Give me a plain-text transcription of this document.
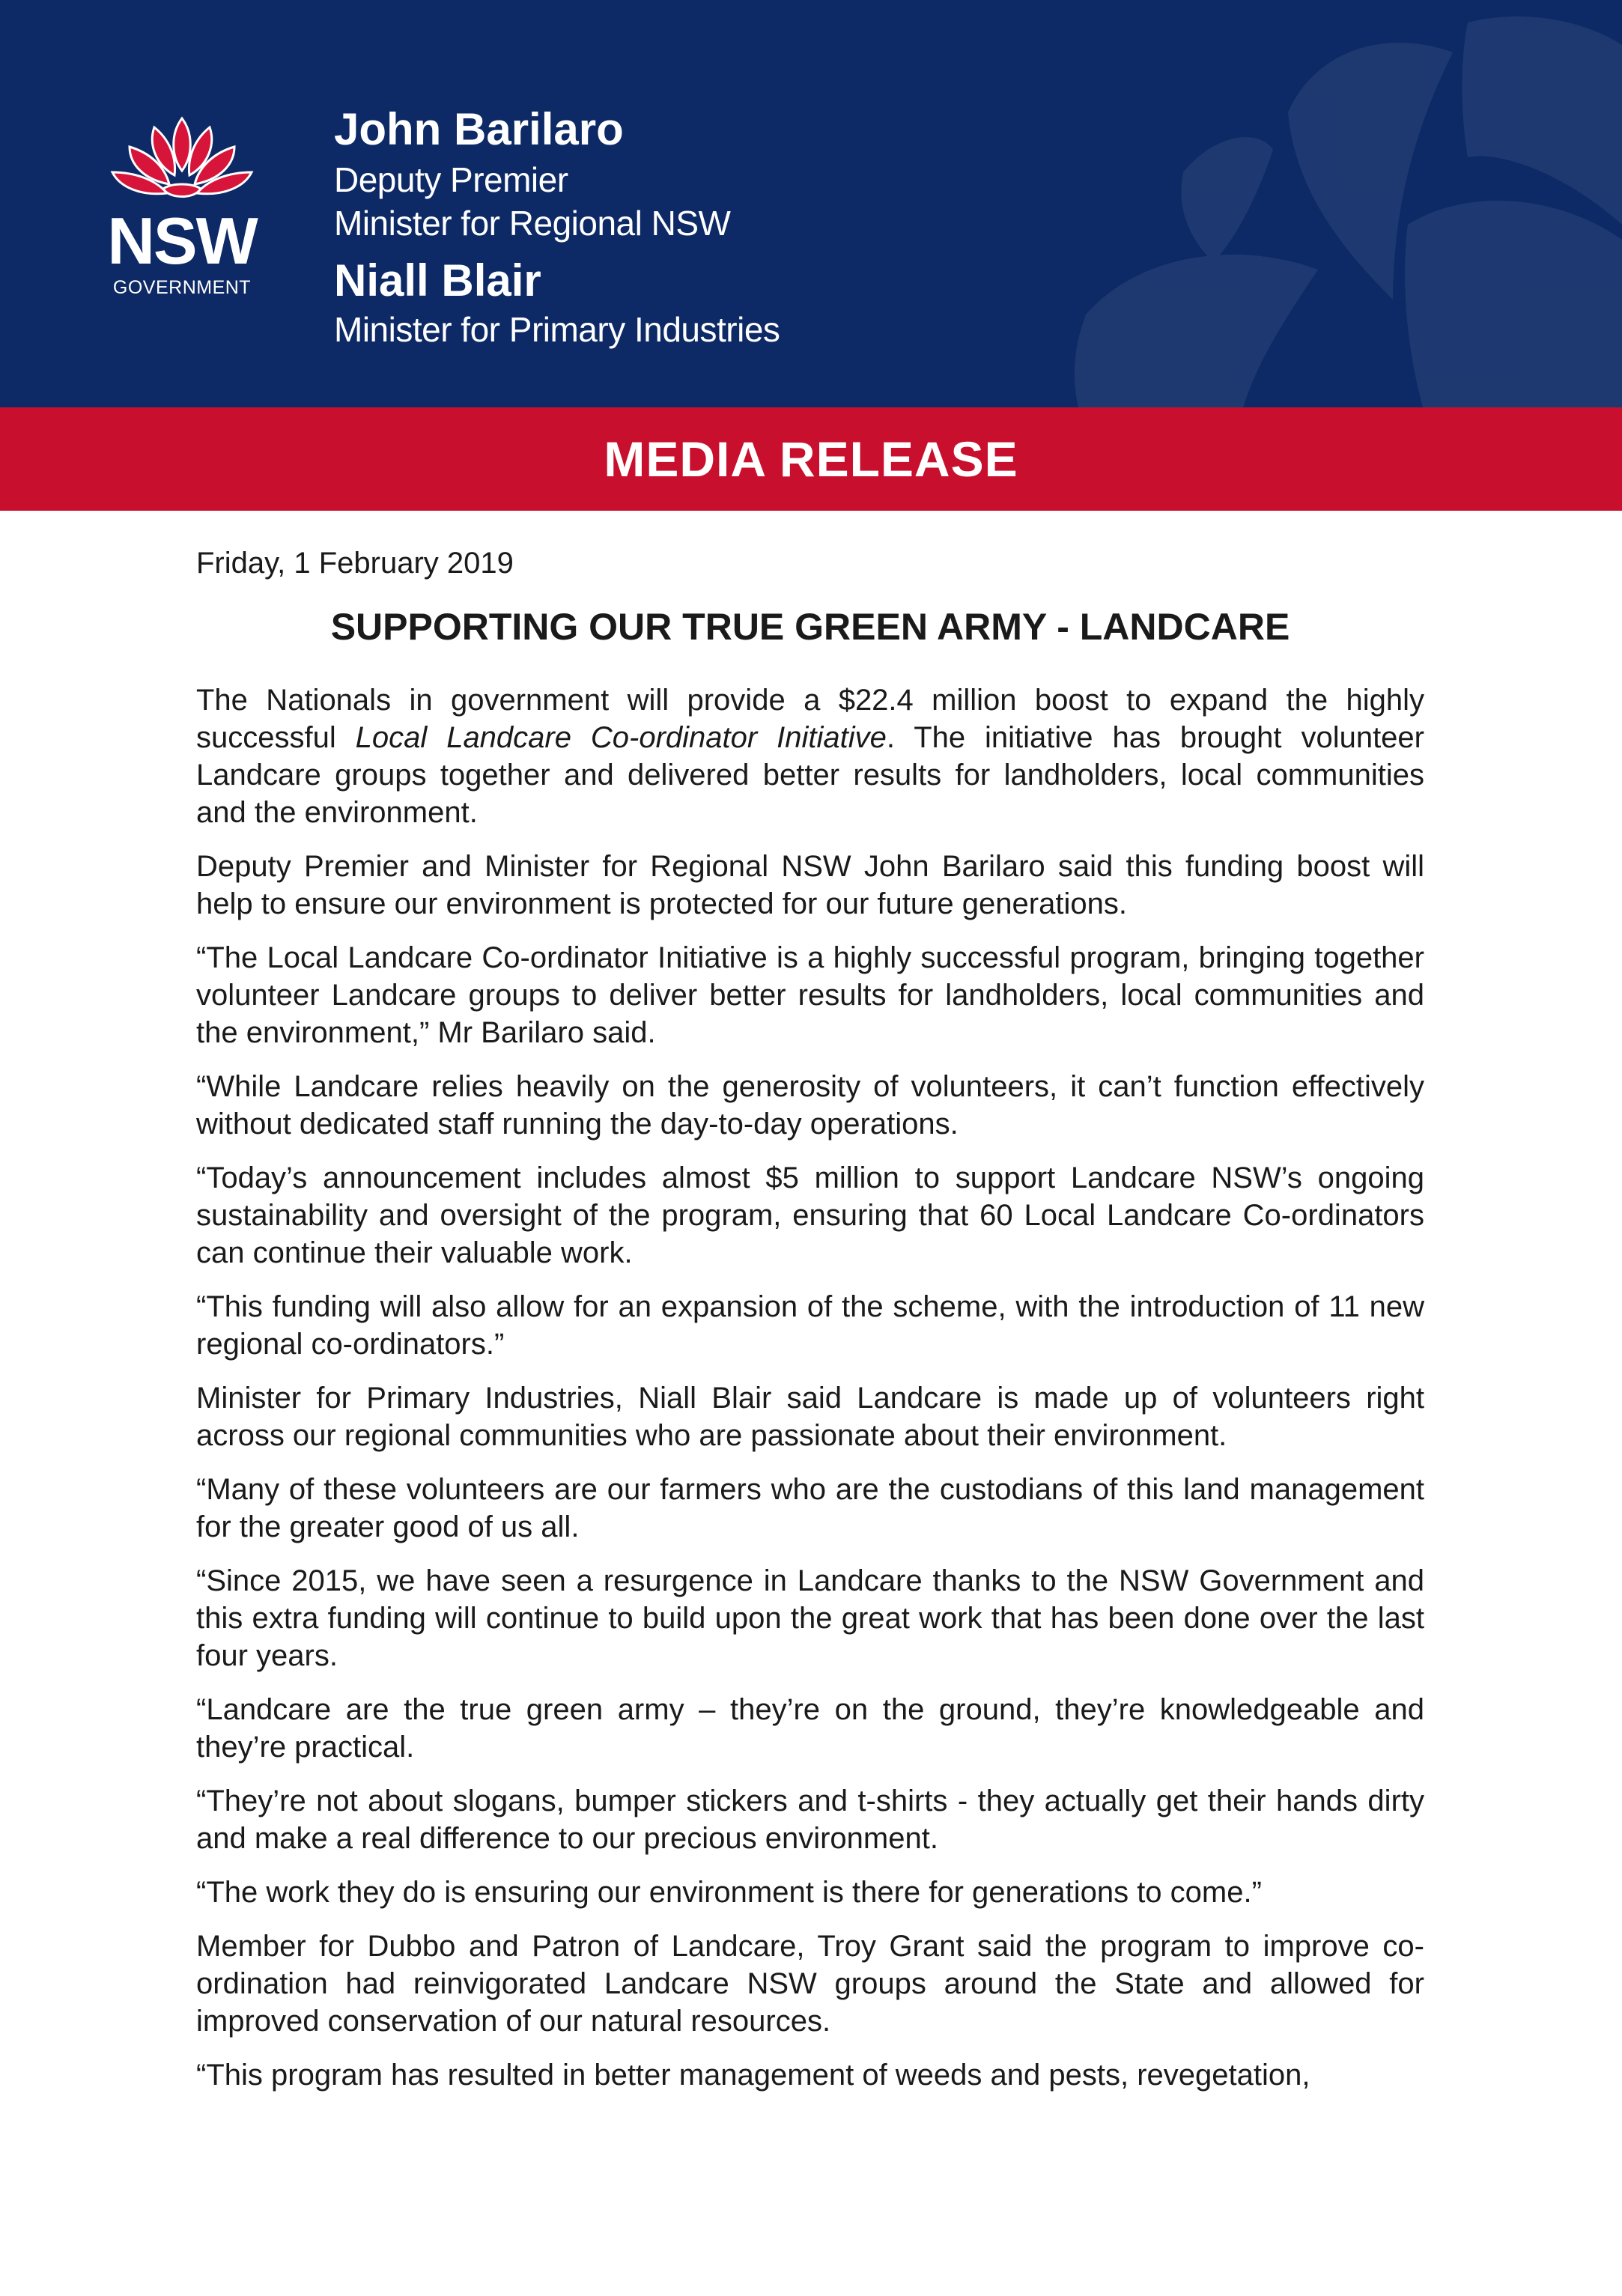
NSW
GOVERNMENT

John Barilaro

Deputy Premier

Minister for Regional NSW

Niall Blair

Minister for Primary Industries

MEDIA RELEASE
Friday, 1 February 2019
SUPPORTING OUR TRUE GREEN ARMY - LANDCARE

The Nationals in government will provide a $22.4 million boost to expand the highly successful Local Landcare Co-ordinator Initiative. The initiative has brought volunteer Landcare groups together and delivered better results for landholders, local communities and the environment.

Deputy Premier and Minister for Regional NSW John Barilaro said this funding boost will help to ensure our environment is protected for our future generations.

“The Local Landcare Co-ordinator Initiative is a highly successful program, bringing together volunteer Landcare groups to deliver better results for landholders, local communities and the environment,” Mr Barilaro said.

“While Landcare relies heavily on the generosity of volunteers, it can’t function effectively without dedicated staff running the day-to-day operations.

“Today’s announcement includes almost $5 million to support Landcare NSW’s ongoing sustainability and oversight of the program, ensuring that 60 Local Landcare Co-ordinators can continue their valuable work.

“This funding will also allow for an expansion of the scheme, with the introduction of 11 new regional co-ordinators.”

Minister for Primary Industries, Niall Blair said Landcare is made up of volunteers right across our regional communities who are passionate about their environment.

“Many of these volunteers are our farmers who are the custodians of this land management for the greater good of us all.

“Since 2015, we have seen a resurgence in Landcare thanks to the NSW Government and this extra funding will continue to build upon the great work that has been done over the last four years.

“Landcare are the true green army – they’re on the ground, they’re knowledgeable and they’re practical.

“They’re not about slogans, bumper stickers and t-shirts - they actually get their hands dirty and make a real difference to our precious environment.

“The work they do is ensuring our environment is there for generations to come.”

Member for Dubbo and Patron of Landcare, Troy Grant said the program to improve co-ordination had reinvigorated Landcare NSW groups around the State and allowed for improved conservation of our natural resources.

“This program has resulted in better management of weeds and pests, revegetation,
